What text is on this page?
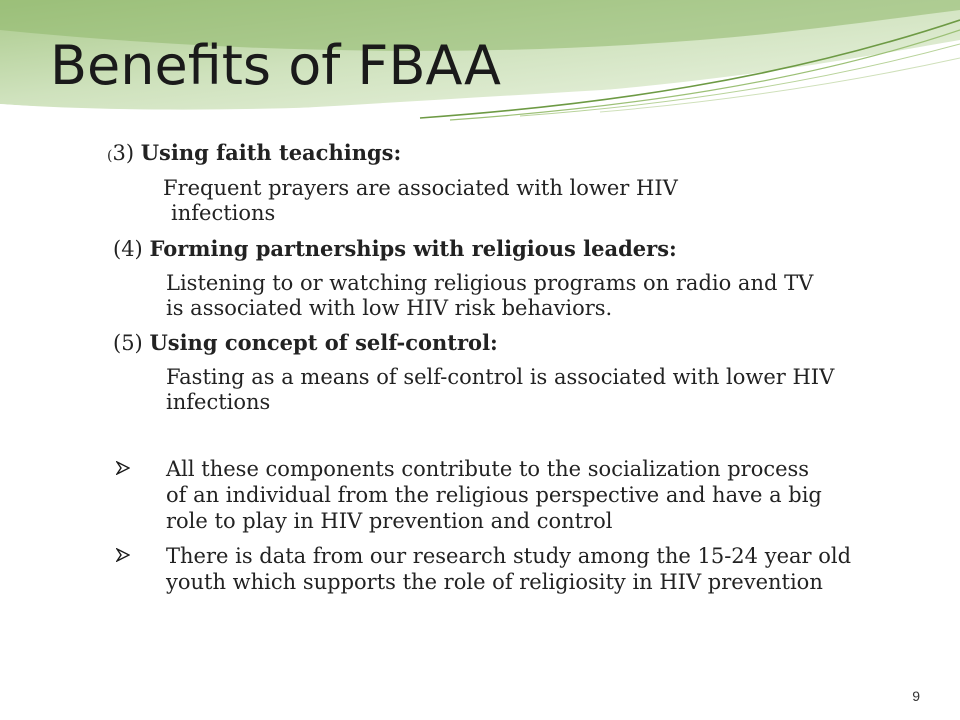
Benefits of FBAA
(3) Using faith teachings:
Frequent prayers are associated with lower HIV
infections
(4) Forming partnerships with religious leaders:
Listening to or watching religious programs on radio and TV
is associated with low HIV risk behaviors.
(5) Using concept of self-control:
Fasting as a means of self-control is associated with lower HIV
infections
All these components contribute to the socialization process
of an individual from the religious perspective and have a big
role to play in HIV prevention and control
There is data from our research study among the 15-24 year old
youth which supports the role of religiosity in HIV prevention
9
